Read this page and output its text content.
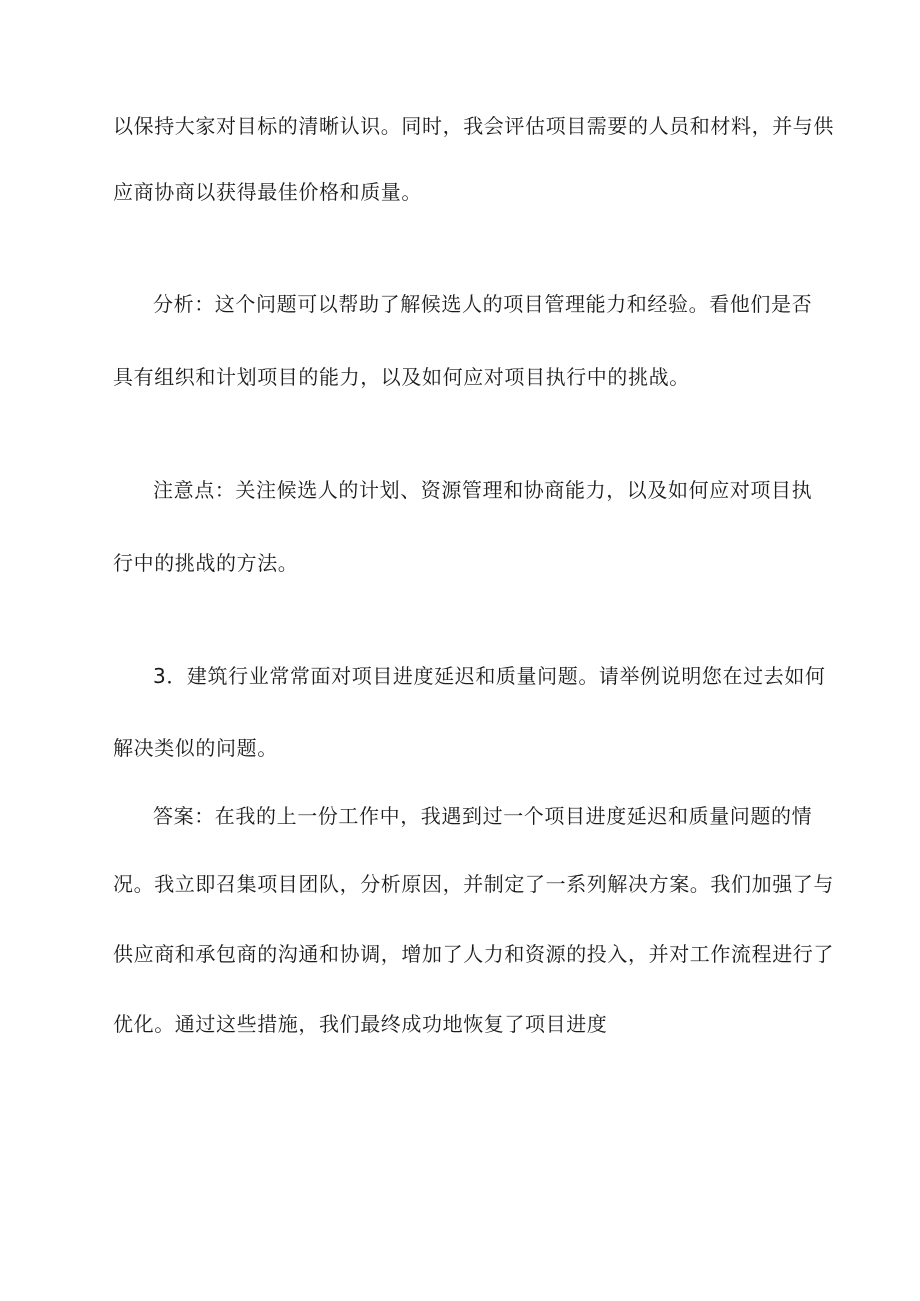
以保持大家对目标的清晰认识。同时，我会评估项目需要的人员和材料，并与供
应商协商以获得最佳价格和质量。
分析：这个问题可以帮助了解候选人的项目管理能力和经验。看他们是否
具有组织和计划项目的能力，以及如何应对项目执行中的挑战。
注意点：关注候选人的计划、资源管理和协商能力，以及如何应对项目执
行中的挑战的方法。
3．建筑行业常常面对项目进度延迟和质量问题。请举例说明您在过去如何
解决类似的问题。
答案：在我的上一份工作中，我遇到过一个项目进度延迟和质量问题的情
况。我立即召集项目团队，分析原因，并制定了一系列解决方案。我们加强了与
供应商和承包商的沟通和协调，增加了人力和资源的投入，并对工作流程进行了
优化。通过这些措施，我们最终成功地恢复了项目进度
